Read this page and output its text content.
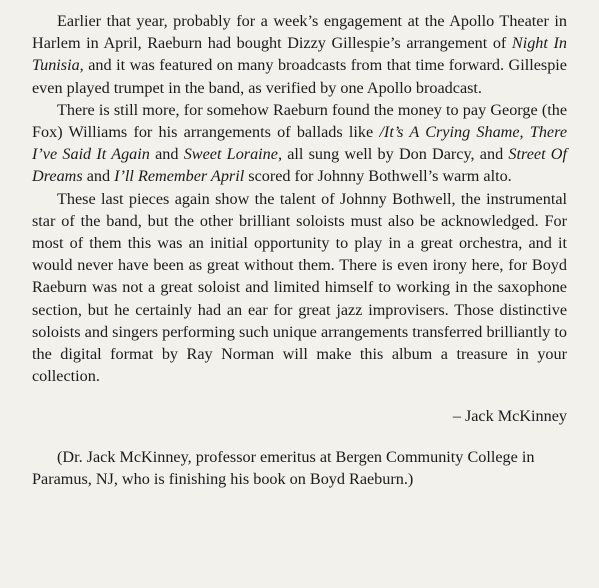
Earlier that year, probably for a week’s engagement at the Apollo Theater in Harlem in April, Raeburn had bought Dizzy Gillespie’s arrangement of Night In Tunisia, and it was featured on many broadcasts from that time forward. Gillespie even played trumpet in the band, as verified by one Apollo broadcast.

There is still more, for somehow Raeburn found the money to pay George (the Fox) Williams for his arrangements of ballads like /It’s A Crying Shame, There I’ve Said It Again and Sweet Loraine, all sung well by Don Darcy, and Street Of Dreams and I’ll Remember April scored for Johnny Bothwell’s warm alto.

These last pieces again show the talent of Johnny Bothwell, the instrumental star of the band, but the other brilliant soloists must also be acknowledged. For most of them this was an initial opportunity to play in a great orchestra, and it would never have been as great without them. There is even irony here, for Boyd Raeburn was not a great soloist and limited himself to working in the saxophone section, but he certainly had an ear for great jazz improvisers. Those distinctive soloists and singers performing such unique arrangements transferred brilliantly to the digital format by Ray Norman will make this album a treasure in your collection.

– Jack McKinney

(Dr. Jack McKinney, professor emeritus at Bergen Community College in Paramus, NJ, who is finishing his book on Boyd Raeburn.)
